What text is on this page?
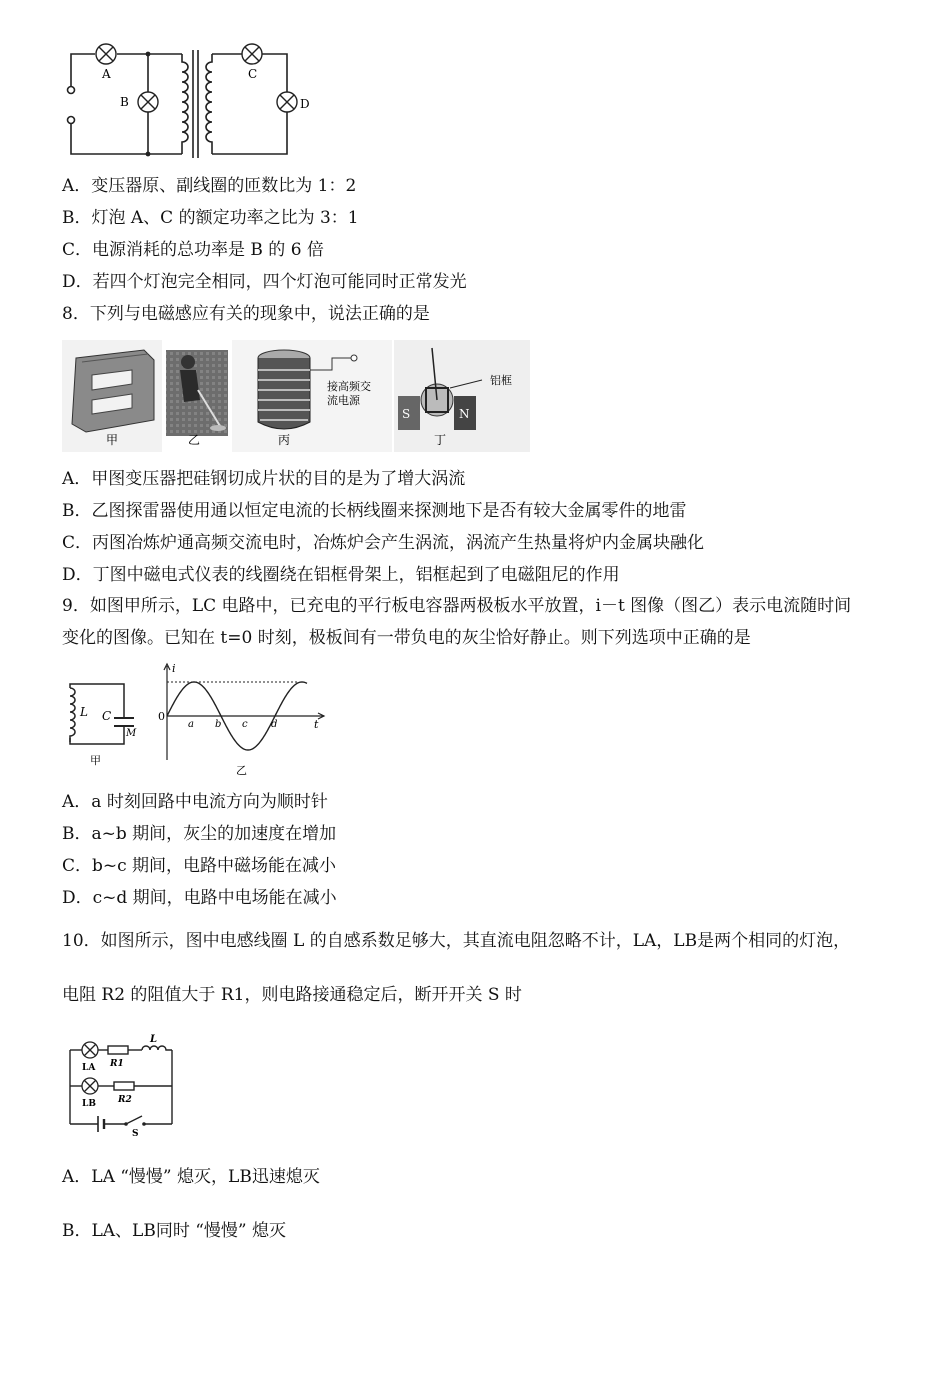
A
B
C
D
A．变压器原、副线圈的匝数比为 1：2
B．灯泡 A、C 的额定功率之比为 3：1
C．电源消耗的总功率是 B 的 6 倍
D．若四个灯泡完全相同，四个灯泡可能同时正常发光
8．下列与电磁感应有关的现象中，说法正确的是
接高频交
流电源
S	N
铝框
甲	乙	丙	丁
A．甲图变压器把硅钢切成片状的目的是为了增大涡流
B．乙图探雷器使用通以恒定电流的长柄线圈来探测地下是否有较大金属零件的地雷
C．丙图冶炼炉通高频交流电时，冶炼炉会产生涡流，涡流产生热量将炉内金属块融化
D．丁图中磁电式仪表的线圈绕在铝框骨架上，铝框起到了电磁阻尼的作用
9．如图甲所示，LC 电路中，已充电的平行板电容器两极板水平放置，i－t 图像（图乙）表示电流随时间
变化的图像。已知在 t=0 时刻，极板间有一带负电的灰尘恰好静止。则下列选项中正确的是
L C
M
甲
i
0
t
a b c d
乙
A．a 时刻回路中电流方向为顺时针
B．a~b 期间，灰尘的加速度在增加
C．b~c 期间，电路中磁场能在减小
D．c~d 期间，电路中电场能在减小
10．如图所示，图中电感线圈 L 的自感系数足够大，其直流电阻忽略不计，LA，LB是两个相同的灯泡，
电阻 R2 的阻值大于 R1，则电路接通稳定后，断开开关 S 时
LA R1
L
LB R2
S
A．LA “慢慢” 熄灭，LB迅速熄灭
B．LA、LB同时 “慢慢” 熄灭
